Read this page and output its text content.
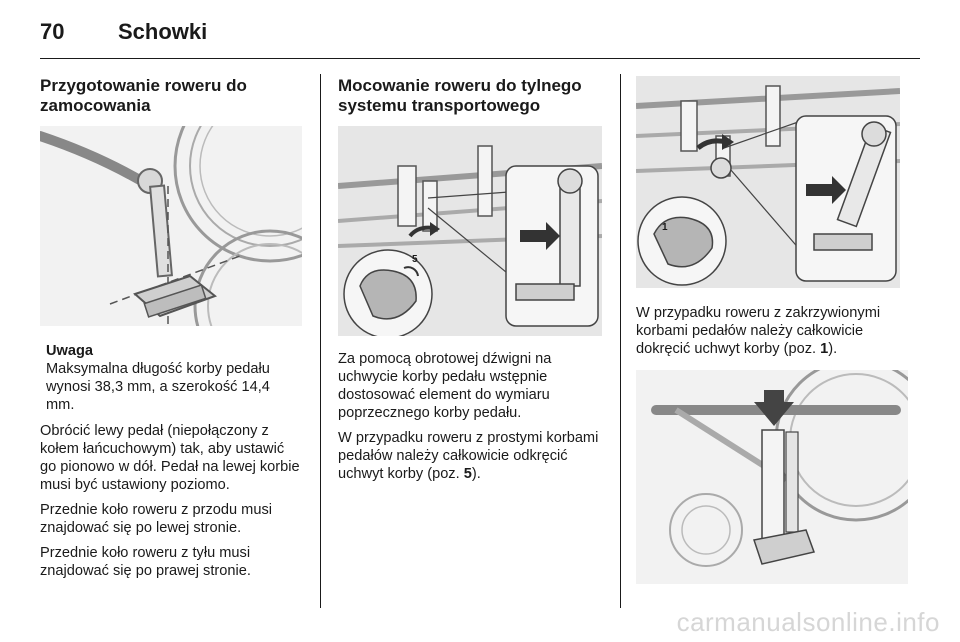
70	Schowki
Przygotowanie roweru do zamocowania
Uwaga

Maksymalna długość korby pedału wynosi 38,3 mm, a szerokość 14,4 mm.

Obrócić lewy pedał (niepołączony z kołem łańcuchowym) tak, aby ustawić go pionowo w dół. Pedał na lewej korbie musi być ustawiony poziomo.

Przednie koło roweru z przodu musi znajdować się po lewej stronie.

Przednie koło roweru z tyłu musi znajdować się po prawej stronie.

Mocowanie roweru do tylnego systemu transportowego
5

Za pomocą obrotowej dźwigni na uchwycie korby pedału wstępnie dostosować element do wymiaru poprzecznego korby pedału.

W przypadku roweru z prostymi korbami pedałów należy całkowicie odkręcić uchwyt korby (poz. 5).

1

W przypadku roweru z zakrzywionymi korbami pedałów należy całkowicie dokręcić uchwyt korby (poz. 1).

carmanualsonline.info
